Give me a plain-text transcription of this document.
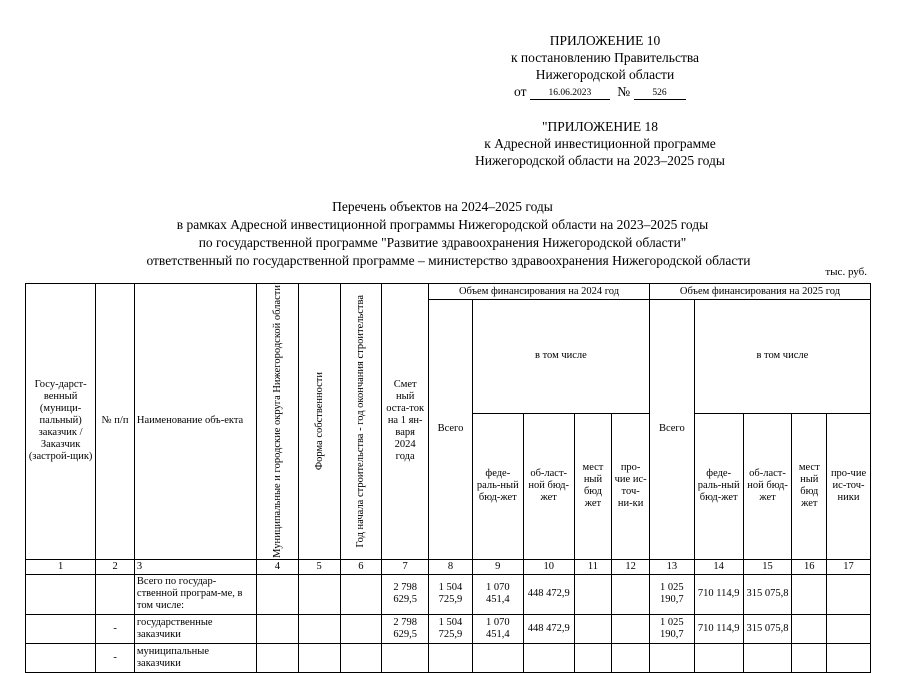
ПРИЛОЖЕНИЕ 10
к постановлению Правительства
Нижегородской области
от 16.06.2023 № 526
"ПРИЛОЖЕНИЕ 18
к Адресной инвестиционной программе
Нижегородской области на 2023–2025 годы
Перечень объектов на 2024–2025 годы
в рамках Адресной инвестиционной программы Нижегородской области на 2023–2025 годы
по государственной программе "Развитие здравоохранения Нижегородской области"
ответственный по государственной программе – министерство здравоохранения Нижегородской области
тыс. руб.
Госу-дарст-венный (муници-пальный) заказчик / Заказчик (застрой-щик)	№ п/п	Наименование объ-екта	Муниципальные и городские округа Нижегородской области	Форма собственности	Год начала строительства - год окончания строительства	Смет ный оста-ток на 1 ян-варя 2024 года	Объем финансирования на 2024 год					Объем финансирования на 2025 год				
							Всего	в том числе				Всего	в том числе			
								феде-раль-ный бюд-жет	об-ласт-ной бюд-жет	мест ный бюд жет	про-чие ис-точ-ни-ки		феде-раль-ный бюд-жет	об-ласт-ной бюд-жет	мест ный бюд жет	про-чие ис-точ-ники
1	2	3	4	5	6	7	8	9	10	11	12	13	14	15	16	17
		Всего по государ-ственной програм-ме, в том числе:				2 798 629,5	1 504 725,9	1 070 451,4	448 472,9			1 025 190,7	710 114,9	315 075,8		
	-	государственные заказчики				2 798 629,5	1 504 725,9	1 070 451,4	448 472,9			1 025 190,7	710 114,9	315 075,8		
	-	муниципальные заказчики														
